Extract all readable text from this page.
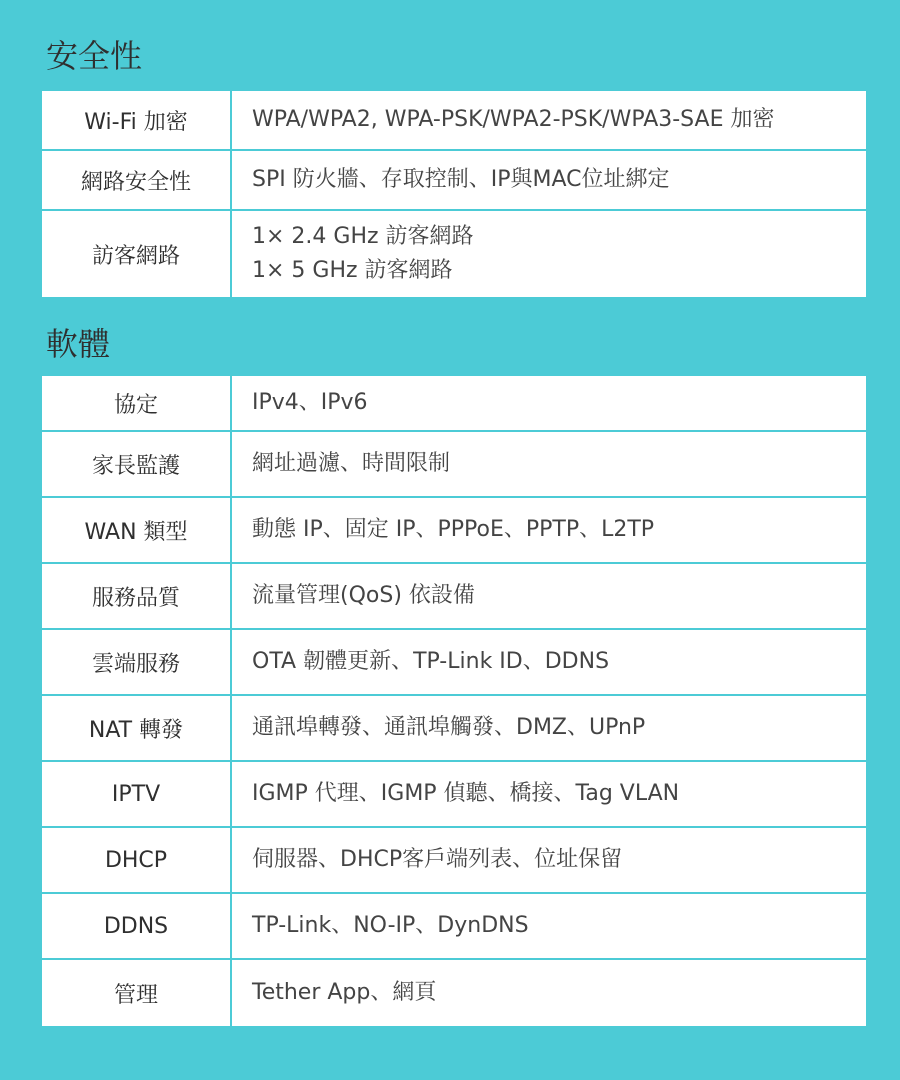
安全性
Wi-Fi 加密	WPA/WPA2, WPA-PSK/WPA2-PSK/WPA3-SAE 加密

網路安全性	SPI 防火牆、存取控制、IP與MAC位址綁定

訪客網路	1× 2.4 GHz 訪客網路
1× 5 GHz 訪客網路
軟體
協定	IPv4、IPv6

家長監護	網址過濾、時間限制

WAN 類型	動態 IP、固定 IP、PPPoE、PPTP、L2TP

服務品質	流量管理(QoS) 依設備

雲端服務	OTA 韌體更新、TP-Link ID、DDNS

NAT 轉發	通訊埠轉發、通訊埠觸發、DMZ、UPnP

IPTV	IGMP 代理、IGMP 偵聽、橋接、Tag VLAN

DHCP	伺服器、DHCP客戶端列表、位址保留

DDNS	TP-Link、NO-IP、DynDNS

管理	Tether App、網頁
